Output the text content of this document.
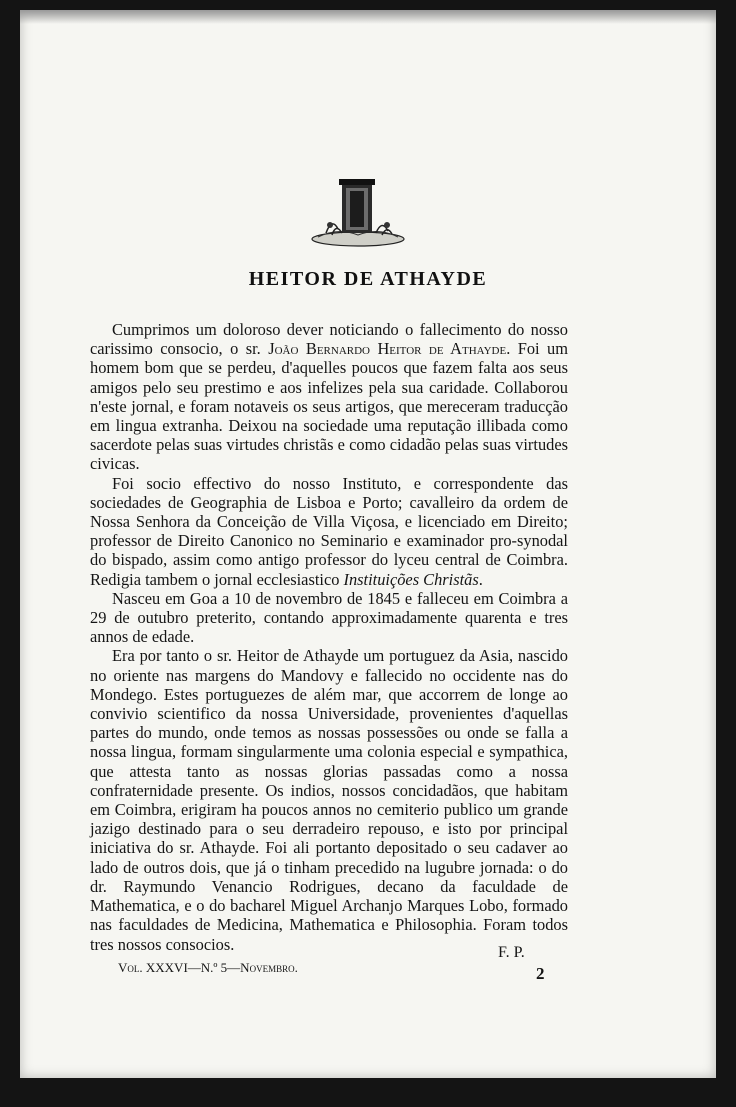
HEITOR DE ATHAYDE

Cumprimos um doloroso dever noticiando o fallecimento do nosso carissimo consocio, o sr. João Bernardo Heitor de Athayde. Foi um homem bom que se perdeu, d'aquelles poucos que fazem falta aos seus amigos pelo seu prestimo e aos infelizes pela sua caridade. Collaborou n'este jornal, e foram notaveis os seus artigos, que mereceram traducção em lingua extranha. Deixou na sociedade uma reputação illibada como sacerdote pelas suas virtudes christãs e como cidadão pelas suas virtudes civicas.

Foi socio effectivo do nosso Instituto, e correspondente das sociedades de Geographia de Lisboa e Porto; cavalleiro da ordem de Nossa Senhora da Conceição de Villa Viçosa, e licenciado em Direito; professor de Direito Canonico no Seminario e examinador pro-synodal do bispado, assim como antigo professor do lyceu central de Coimbra. Redigia tambem o jornal ecclesiastico Instituições Christãs.

Nasceu em Goa a 10 de novembro de 1845 e falleceu em Coimbra a 29 de outubro preterito, contando approximadamente quarenta e tres annos de edade.

Era por tanto o sr. Heitor de Athayde um portuguez da Asia, nascido no oriente nas margens do Mandovy e fallecido no occidente nas do Mondego. Estes portuguezes de além mar, que accorrem de longe ao convivio scientifico da nossa Universidade, provenientes d'aquellas partes do mundo, onde temos as nossas possessões ou onde se falla a nossa lingua, formam singularmente uma colonia especial e sympathica, que attesta tanto as nossas glorias passadas como a nossa confraternidade presente. Os indios, nossos concidadãos, que habitam em Coimbra, erigiram ha poucos annos no cemiterio publico um grande jazigo destinado para o seu derradeiro repouso, e isto por principal iniciativa do sr. Athayde. Foi ali portanto depositado o seu cadaver ao lado de outros dois, que já o tinham precedido na lugubre jornada: o do dr. Raymundo Venancio Rodrigues, decano da faculdade de Mathematica, e o do bacharel Miguel Archanjo Marques Lobo, formado nas faculdades de Medicina, Mathematica e Philosophia. Foram todos tres nossos consocios.	F. P.
Vol. XXXVI—N.º 5—Novembro.	2
